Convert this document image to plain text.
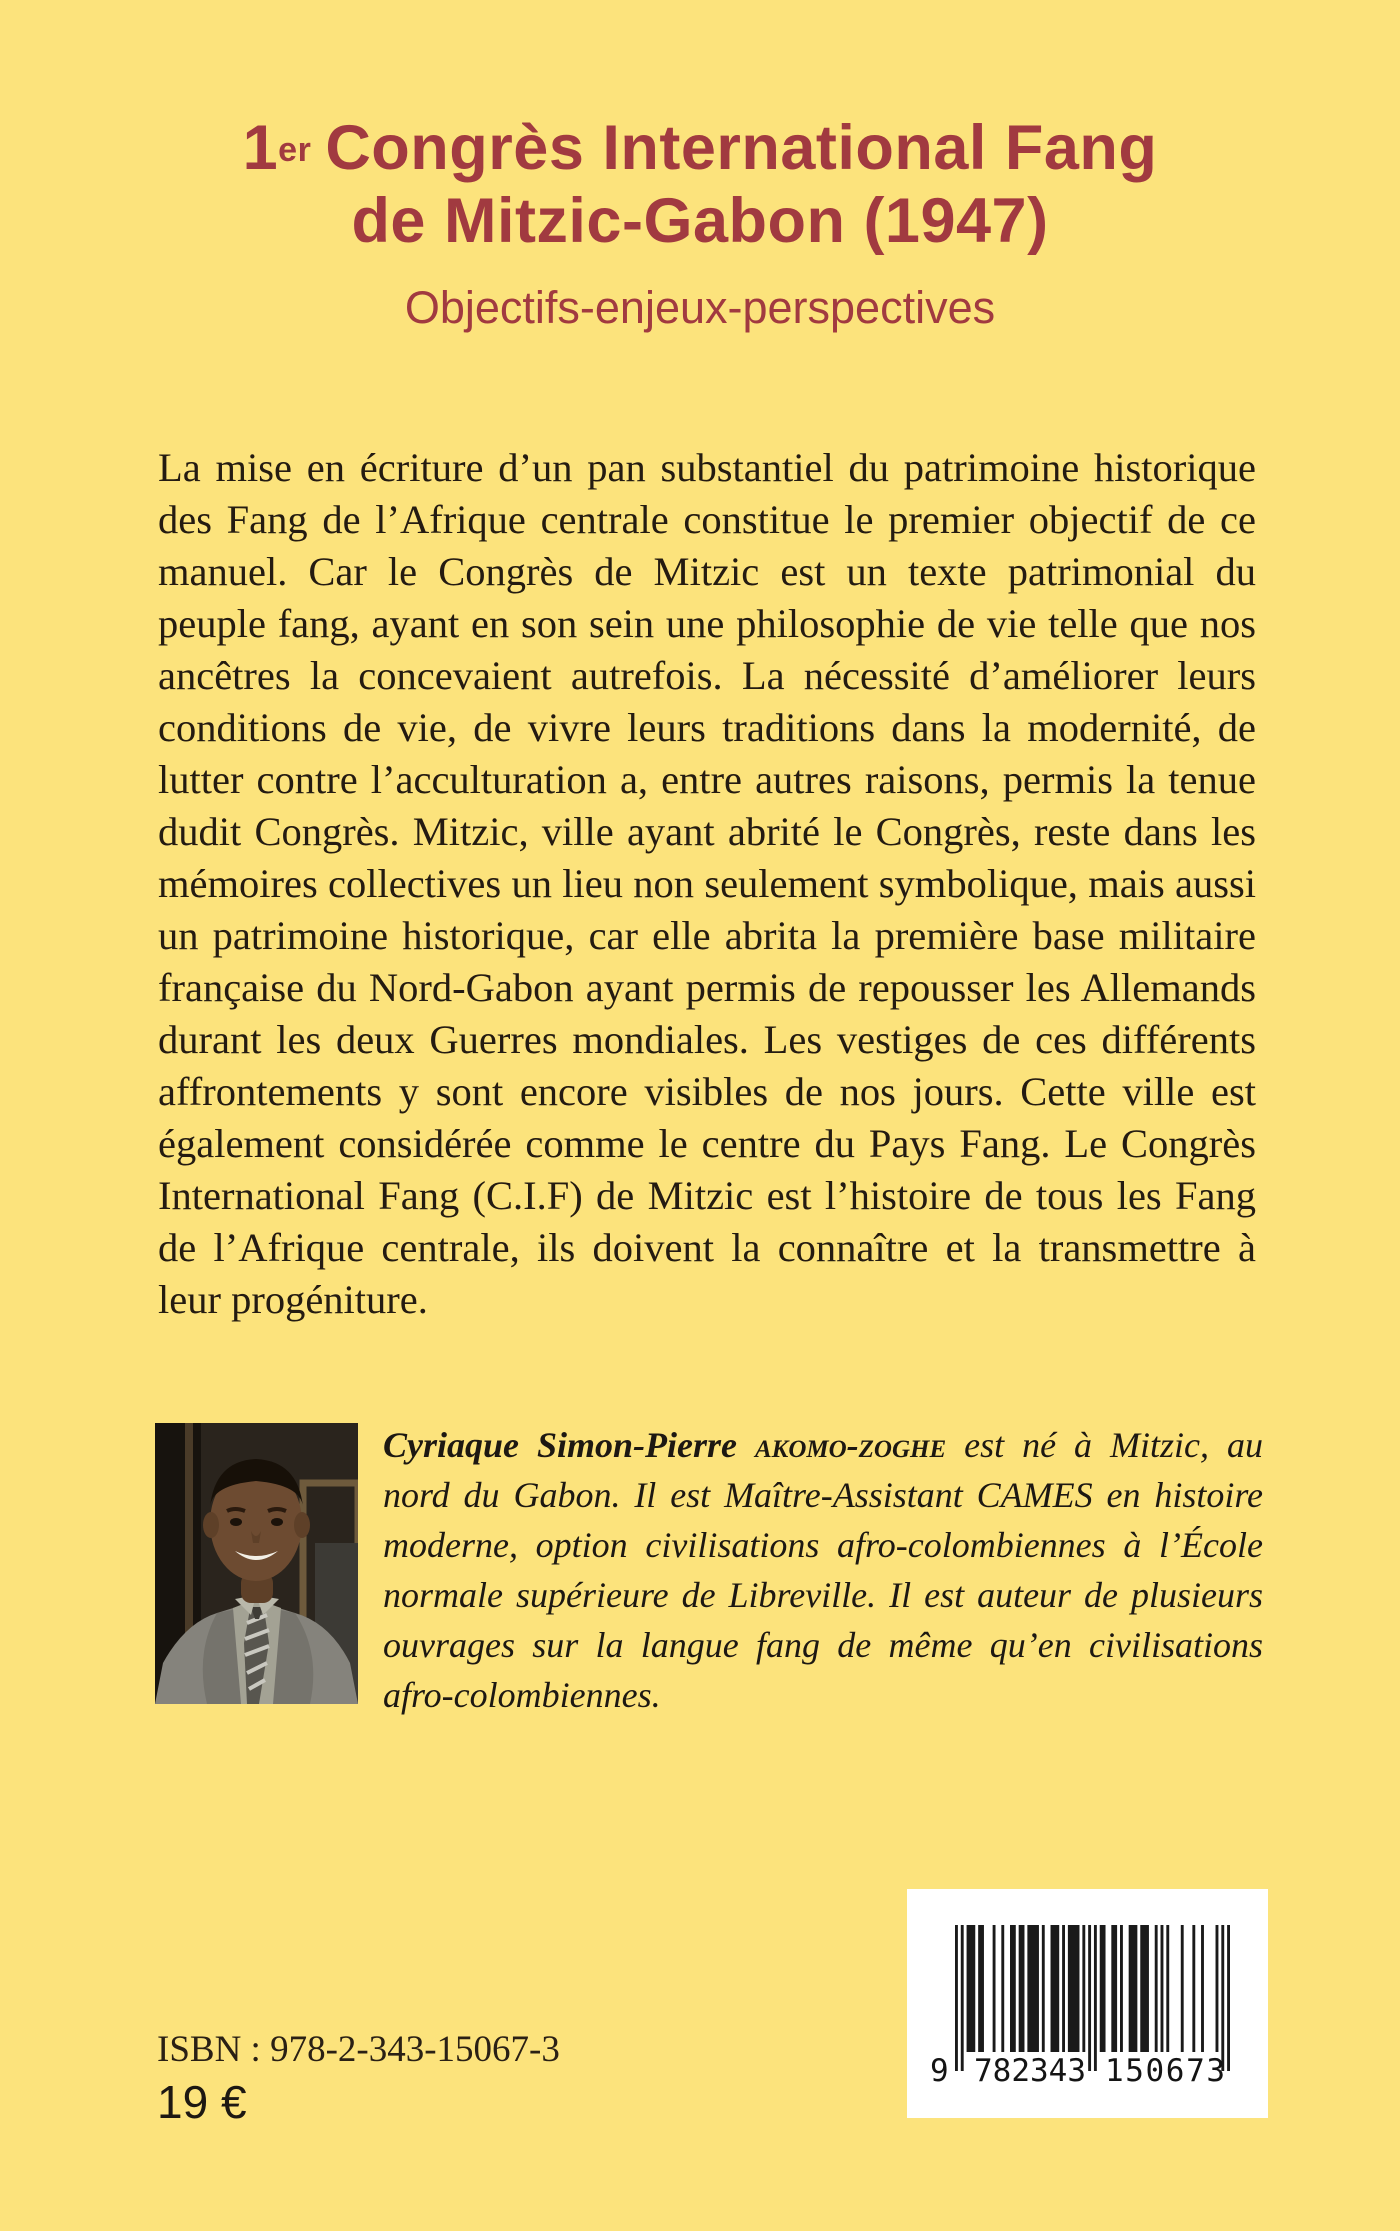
1er Congrès International Fang
de Mitzic-Gabon (1947)
Objectifs-enjeux-perspectives

La mise en écriture d’un pan substantiel du patrimoine historique des Fang de l’Afrique centrale constitue le premier objectif de ce manuel. Car le Congrès de Mitzic est un texte patrimonial du peuple fang, ayant en son sein une philosophie de vie telle que nos ancêtres la concevaient autrefois. La nécessité d’améliorer leurs conditions de vie, de vivre leurs traditions dans la modernité, de lutter contre l’acculturation a, entre autres raisons, permis la tenue dudit Congrès. Mitzic, ville ayant abrité le Congrès, reste dans les mémoires collectives un lieu non seulement symbolique, mais aussi un patrimoine historique, car elle abrita la première base militaire française du Nord-Gabon ayant permis de repousser les Allemands durant les deux Guerres mondiales. Les vestiges de ces différents affrontements y sont encore visibles de nos jours. Cette ville est également considérée comme le centre du Pays Fang. Le Congrès International Fang (C.I.F) de Mitzic est l’histoire de tous les Fang de l’Afrique centrale, ils doivent la connaître et la transmettre à leur progéniture.

Cyriaque Simon-Pierre akomo-zoghe est né à Mitzic, au nord du Gabon. Il est Maître-Assistant CAMES en histoire moderne, option civilisations afro-colombiennes à l’École normale supérieure de Libreville. Il est auteur de plusieurs ouvrages sur la langue fang de même qu’en civilisations afro-colombiennes.

ISBN : 978-2-343-15067-3
19 €
9 782343 150673
